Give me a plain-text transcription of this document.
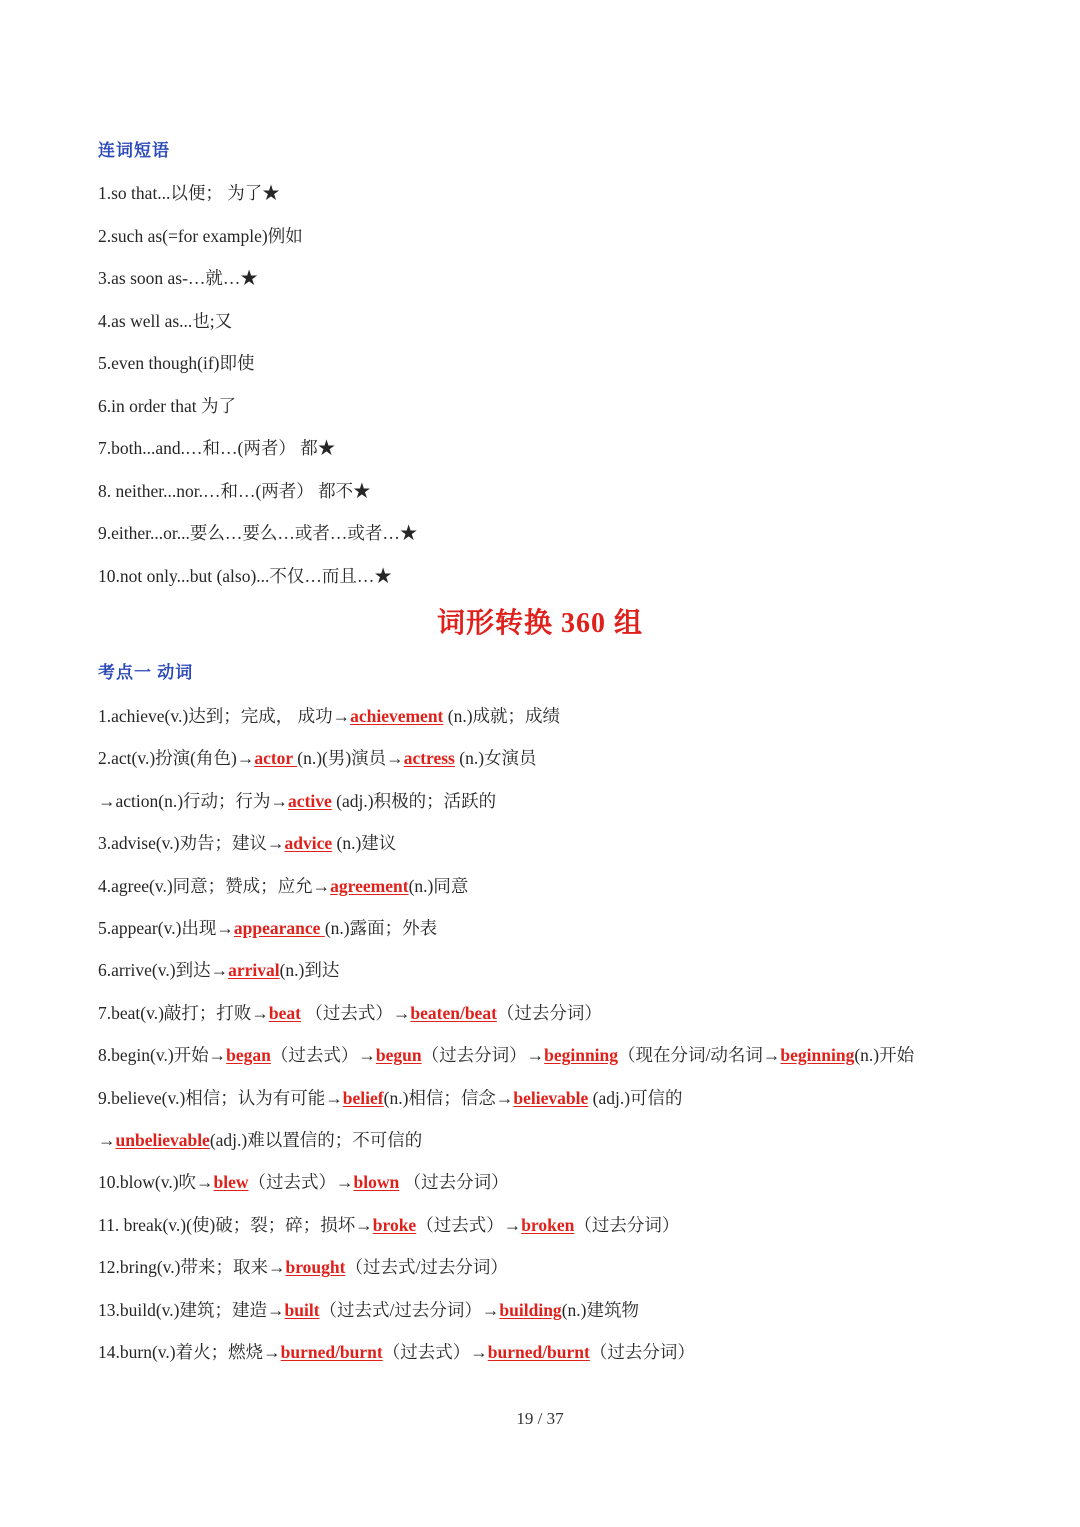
连词短语
1.so that...以便； 为了★
2.such as(=for example)例如
3.as soon as-…就…★
4.as well as...也;又
5.even though(if)即使
6.in order that 为了
7.both...and.…和…(两者） 都★
8. neither...nor.…和…(两者） 都不★
9.either...or...要么…要么…或者…或者…★
10.not only...but (also)...不仅…而且…★
词形转换 360 组
考点一 动词
1.achieve(v.)达到；完成， 成功→achievement (n.)成就；成绩
2.act(v.)扮演(角色)→actor (n.)(男)演员→actress (n.)女演员
→action(n.)行动；行为→active (adj.)积极的；活跃的
3.advise(v.)劝告；建议→advice (n.)建议
4.agree(v.)同意；赞成；应允→agreement(n.)同意
5.appear(v.)出现→appearance (n.)露面；外表
6.arrive(v.)到达→arrival(n.)到达
7.beat(v.)敲打；打败→beat （过去式）→beaten/beat（过去分词）
8.begin(v.)开始→began（过去式）→begun（过去分词）→beginning（现在分词/动名词→beginning(n.)开始
9.believe(v.)相信；认为有可能→belief(n.)相信；信念→believable (adj.)可信的
→unbelievable(adj.)难以置信的；不可信的
10.blow(v.)吹→blew（过去式）→blown （过去分词）
11. break(v.)(使)破；裂；碎；损坏→broke（过去式）→broken（过去分词）
12.bring(v.)带来；取来→brought（过去式/过去分词）
13.build(v.)建筑；建造→built（过去式/过去分词）→building(n.)建筑物
14.burn(v.)着火；燃烧→burned/burnt（过去式）→burned/burnt（过去分词）
19 / 37
